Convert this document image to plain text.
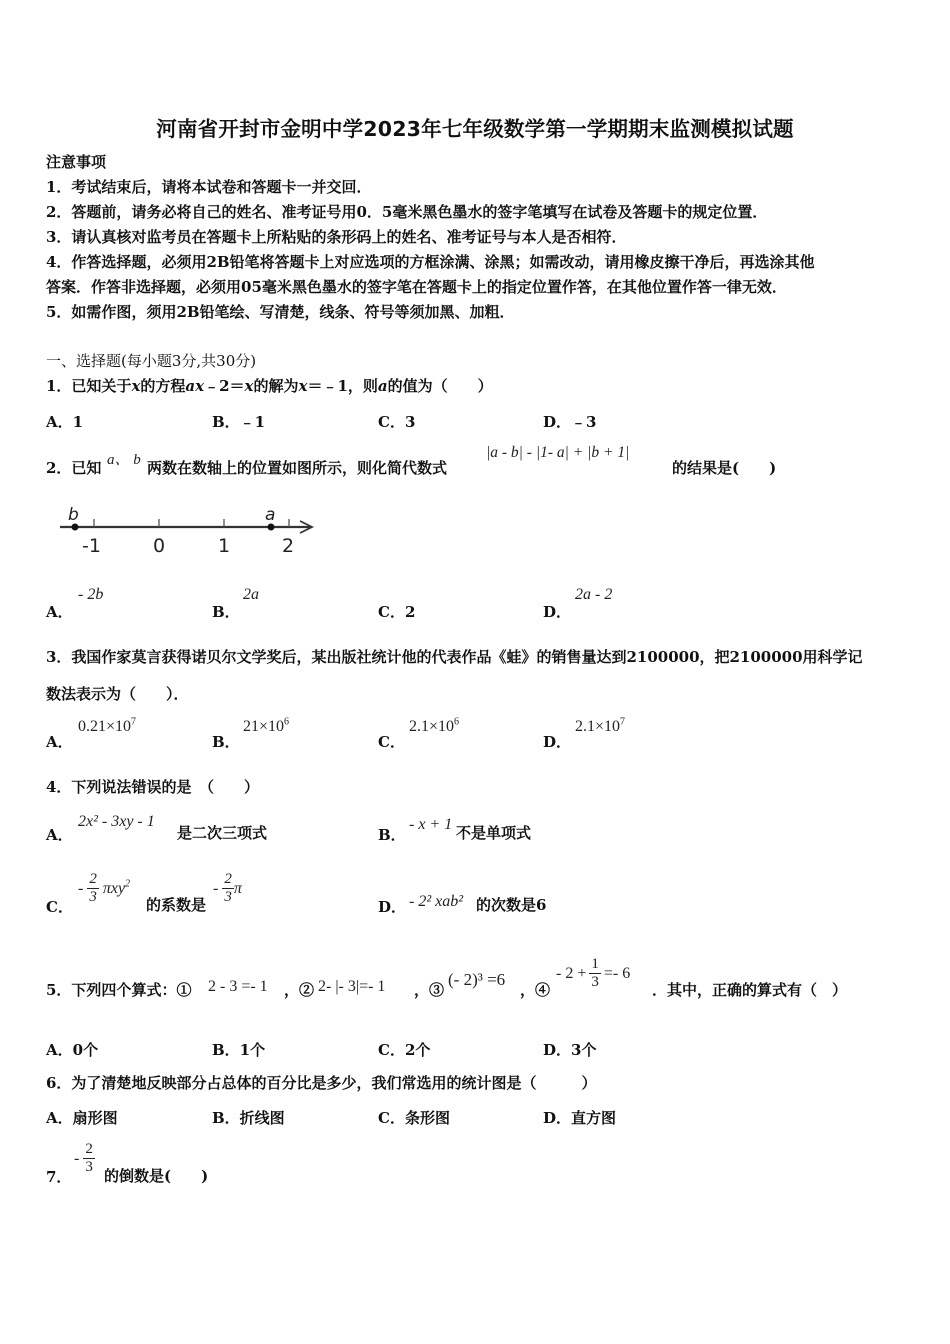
河南省开封市金明中学2023年七年级数学第一学期期末监测模拟试题
注意事项
1．考试结束后，请将本试卷和答题卡一并交回．
2．答题前，请务必将自己的姓名、准考证号用0．5毫米黑色墨水的签字笔填写在试卷及答题卡的规定位置．
3．请认真核对监考员在答题卡上所粘贴的条形码上的姓名、准考证号与本人是否相符．
4．作答选择题，必须用2B铅笔将答题卡上对应选项的方框涂满、涂黑；如需改动，请用橡皮擦干净后，再选涂其他
答案．作答非选择题，必须用05毫米黑色墨水的签字笔在答题卡上的指定位置作答，在其他位置作答一律无效．
5．如需作图，须用2B铅笔绘、写清楚，线条、符号等须加黑、加粗．
一、选择题(每小题3分,共30分)
1．已知关于x的方程ax﹣2＝x的解为x＝﹣1，则a的值为（　　）
A．1	B．﹣1	C．3	D．﹣3
2．已知 a、 b 两数在数轴上的位置如图所示，则化简代数式
|a - b| - |1- a| + |b + 1|
的结果是(　　)
b	a
-1	0	1	2
A．
- 2b
B．
2a
C．2	D．
2a - 2
3．我国作家莫言获得诺贝尔文学奖后，某出版社统计他的代表作品《蛙》的销售量达到2100000，把2100000用科学记
数法表示为（　　）．
A．
$0.21\times 10^7$
B．
$21\times 10^6$
C．
$2.1\times 10^6$
D．
$2.1\times 10^7$
4．下列说法错误的是　（　　）
A．
2x² - 3xy - 1
是二次三项式	B．
- x + 1 不是单项式
C．
- $\frac{2}{3} \pi xy^2$
的系数是
- $\frac{2}{3}$ π
D． - 2² xab² 的次数是6
5．下列四个算式：① 2 - 3 =- 1 ，② 2- |- 3|=- 1 ，③
(- 2)³ =6
，④
- $2 + \frac{1}{3} =- 6$
．其中，正确的算式有（　）
A．0个	B．1个	C．2个	D．3个
6．为了清楚地反映部分占总体的百分比是多少，我们常选用的统计图是（　　　）
A．扇形图	B．折线图	C．条形图	D．直方图
7．
- $\frac{2}{3}$ 的倒数是(　　)
